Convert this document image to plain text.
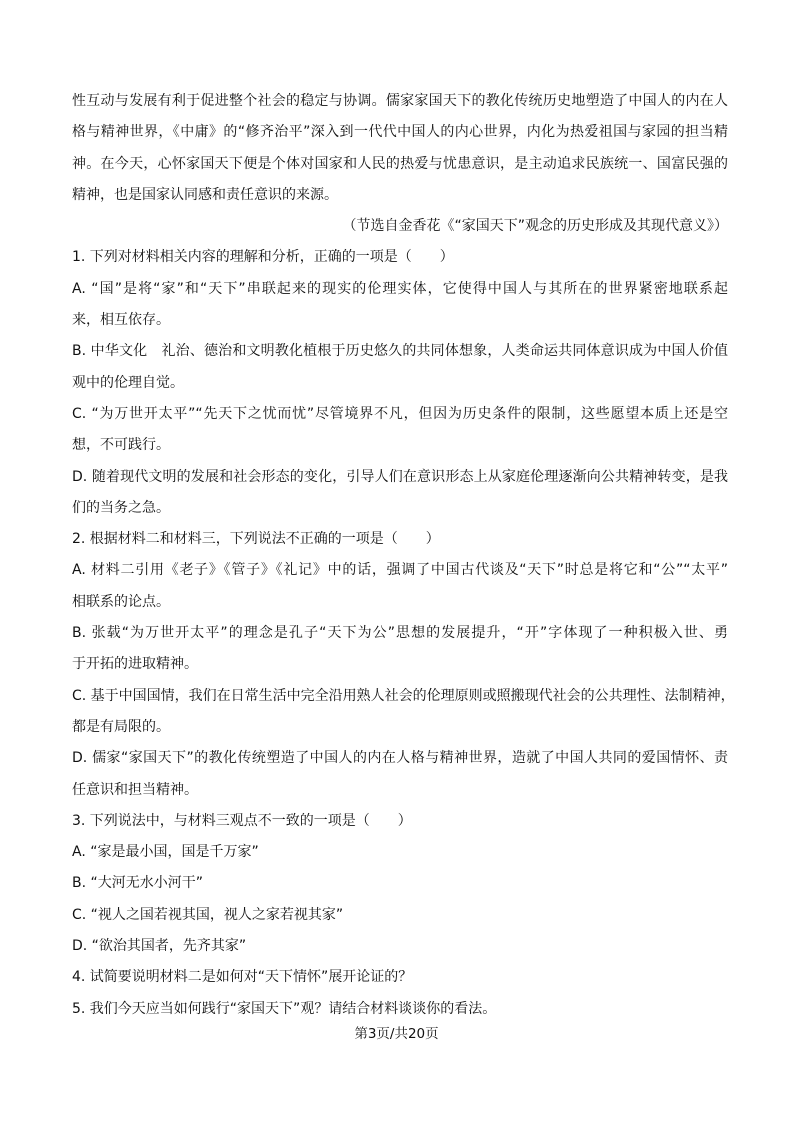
性互动与发展有利于促进整个社会的稳定与协调。儒家家国天下的教化传统历史地塑造了中国人的内在人
格与精神世界，《中庸》的“修齐治平”深入到一代代中国人的内心世界，内化为热爱祖国与家园的担当精
神。在今天，心怀家国天下便是个体对国家和人民的热爱与忧患意识，是主动追求民族统一、国富民强的
精神，也是国家认同感和责任意识的来源。
（节选自金香花《“家国天下”观念的历史形成及其现代意义》）
1. 下列对材料相关内容的理解和分析，正确的一项是（　　）
A. “国”是将“家”和“天下”串联起来的现实的伦理实体，它使得中国人与其所在的世界紧密地联系起
来，相互依存。
B. 中华文化　礼治、德治和文明教化植根于历史悠久的共同体想象，人类命运共同体意识成为中国人价值
观中的伦理自觉。
C. “为万世开太平”“先天下之忧而忧”尽管境界不凡，但因为历史条件的限制，这些愿望本质上还是空
想，不可践行。
D. 随着现代文明的发展和社会形态的变化，引导人们在意识形态上从家庭伦理逐渐向公共精神转变，是我
们的当务之急。
2. 根据材料二和材料三，下列说法不正确的一项是（　　）
A. 材料二引用《老子》《管子》《礼记》中的话，强调了中国古代谈及“天下”时总是将它和“公”“太平”
相联系的论点。
B. 张载“为万世开太平”的理念是孔子“天下为公”思想的发展提升，“开”字体现了一种积极入世、勇
于开拓的进取精神。
C. 基于中国国情，我们在日常生活中完全沿用熟人社会的伦理原则或照搬现代社会的公共理性、法制精神，
都是有局限的。
D. 儒家“家国天下”的教化传统塑造了中国人的内在人格与精神世界，造就了中国人共同的爱国情怀、责
任意识和担当精神。
3. 下列说法中，与材料三观点不一致的一项是（　　）
A. “家是最小国，国是千万家”
B. “大河无水小河干”
C. “视人之国若视其国，视人之家若视其家”
D. “欲治其国者，先齐其家”
4. 试简要说明材料二是如何对“天下情怀”展开论证的？
5. 我们今天应当如何践行“家国天下”观？请结合材料谈谈你的看法。
第3页/共20页
